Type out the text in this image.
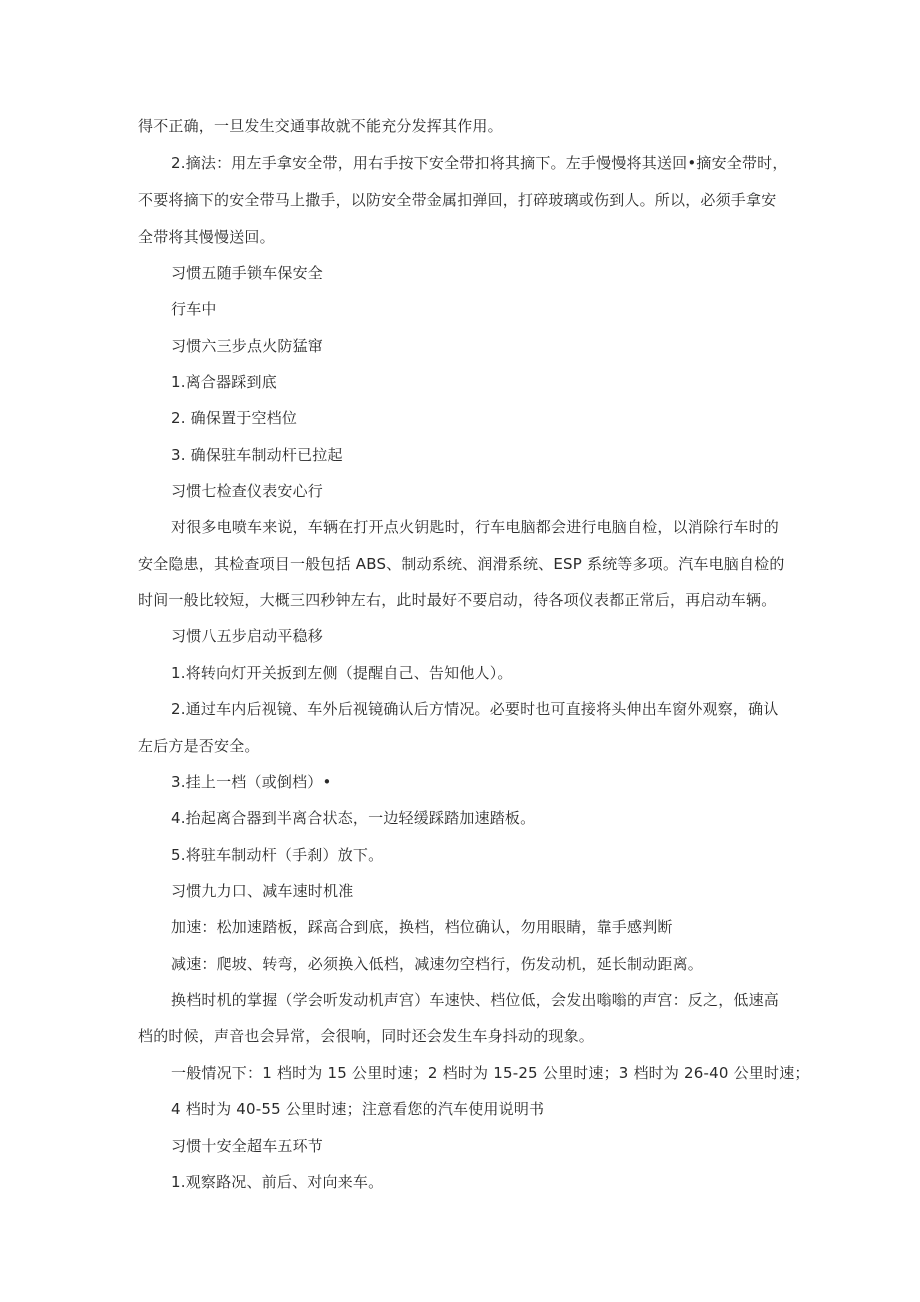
得不正确，一旦发生交通事故就不能充分发挥其作用。
2.摘法：用左手拿安全带，用右手按下安全带扣将其摘下。左手慢慢将其送回•摘安全带时，
不要将摘下的安全带马上撒手，以防安全带金属扣弹回，打碎玻璃或伤到人。所以，必须手拿安
全带将其慢慢送回。
习惯五随手锁车保安全
行车中
习惯六三步点火防猛窜
1.离合器踩到底
2. 确保置于空档位
3. 确保驻车制动杆已拉起
习惯七检查仪表安心行
对很多电喷车来说，车辆在打开点火钥匙时，行车电脑都会进行电脑自检，以消除行车时的
安全隐患，其检查项目一般包括 ABS、制动系统、润滑系统、ESP 系统等多项。汽车电脑自检的
时间一般比较短，大概三四秒钟左右，此时最好不要启动，待各项仪表都正常后，再启动车辆。
习惯八五步启动平稳移
1.将转向灯开关扳到左侧（提醒自己、告知他人）。
2.通过车内后视镜、车外后视镜确认后方情况。必要时也可直接将头伸出车窗外观察，确认
左后方是否安全。
3.挂上一档（或倒档）•
4.抬起离合器到半离合状态，一边轻缓踩踏加速踏板。
5.将驻车制动杆（手刹）放下。
习惯九力口、减车速时机准
加速：松加速踏板，踩高合到底，换档，档位确认，勿用眼睛，靠手感判断
减速：爬坡、转弯，必须换入低档，减速勿空档行，伤发动机，延长制动距离。
换档时机的掌握（学会听发动机声宫）车速快、档位低，会发出嗡嗡的声宫：反之，低速高
档的时候，声音也会异常，会很响，同时还会发生车身抖动的现象。
一般情况下：1 档时为 15 公里时速；2 档时为 15-25 公里时速；3 档时为 26-40 公里时速；
4 档时为 40-55 公里时速；注意看您的汽车使用说明书
习惯十安全超车五环节
1.观察路况、前后、对向来车。
